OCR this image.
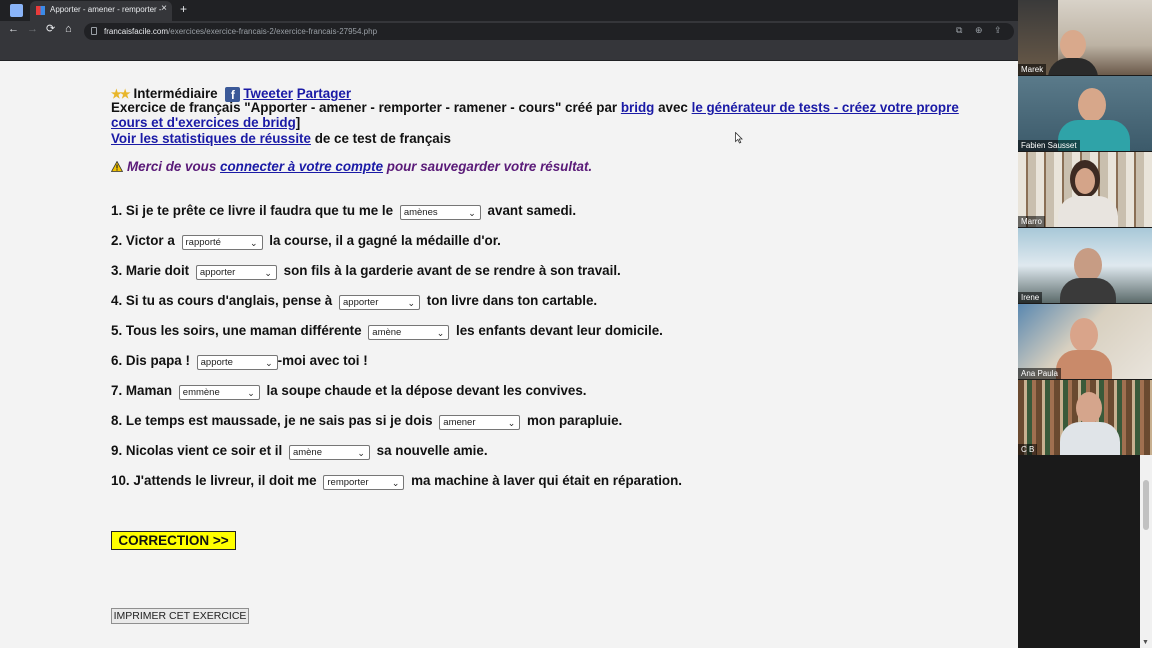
Apporter - amener - remporter - × +
← → ⟳ ⌂	francaisfacile.com/exercices/exercice-francais-2/exercice-francais-27954.php	⧉ ⊕ ⇪
★★ Intermédiaire f Tweeter Partager
Exercice de français "Apporter - amener - remporter - ramener - cours" créé par bridg avec le générateur de tests - créez votre propre
cours et d'exercices de bridg]
Voir les statistiques de réussite de ce test de français
Merci de vous connecter à votre compte pour sauvegarder votre résultat.
1. Si je te prête ce livre il faudra que tu me le amènes	⌄ avant samedi.
2. Victor a rapporté	⌄ la course, il a gagné la médaille d'or.
3. Marie doit apporter	⌄ son fils à la garderie avant de se rendre à son travail.
4. Si tu as cours d'anglais, pense à apporter	⌄ ton livre dans ton cartable.
5. Tous les soirs, une maman différente amène	⌄ les enfants devant leur domicile.
6. Dis papa ! apporte	⌄ -moi avec toi !
7. Maman emmène	⌄ la soupe chaude et la dépose devant les convives.
8. Le temps est maussade, je ne sais pas si je dois amener	⌄ mon parapluie.
9. Nicolas vient ce soir et il amène	⌄ sa nouvelle amie.
10. J'attends le livreur, il doit me remporter	⌄ ma machine à laver qui était en réparation.
CORRECTION >>
IMPRIMER CET EXERCICE
Marek
Fabien Sausset
Marro
Irene
Ana Paula
C B
▼
